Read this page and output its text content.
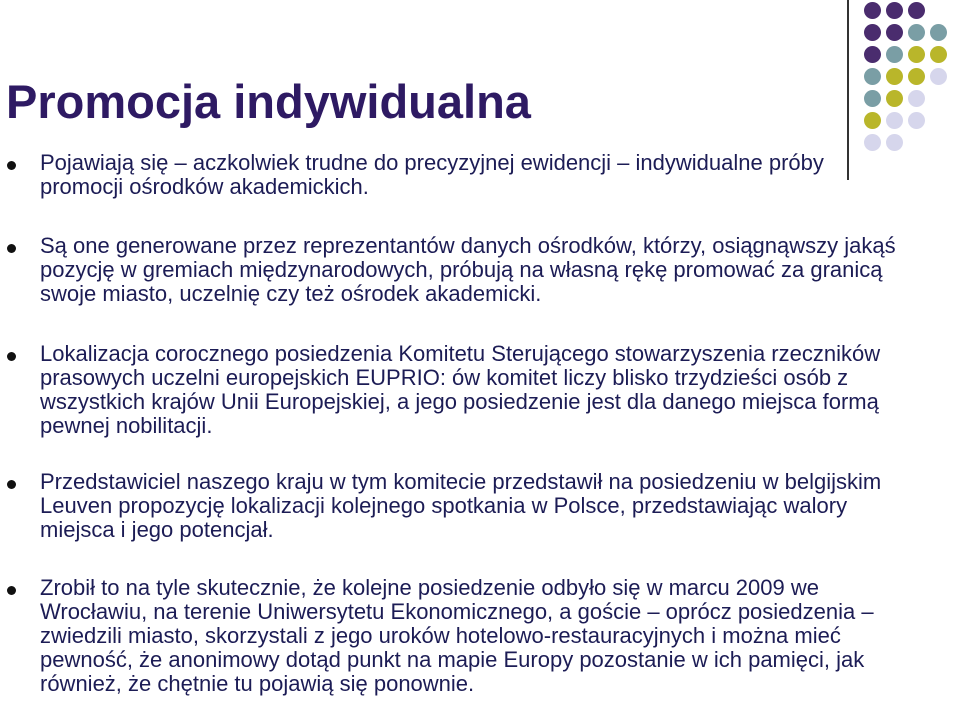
Promocja indywidualna

Pojawiają się – aczkolwiek trudne do precyzyjnej ewidencji – indywidualne próby promocji ośrodków akademickich.

Są one generowane przez reprezentantów danych ośrodków, którzy, osiągnąwszy jakąś pozycję w gremiach międzynarodowych, próbują na własną rękę promować za granicą swoje miasto, uczelnię czy też ośrodek akademicki.

Lokalizacja corocznego posiedzenia Komitetu Sterującego stowarzyszenia rzeczników prasowych uczelni europejskich EUPRIO: ów komitet liczy blisko trzydzieści osób z wszystkich krajów Unii Europejskiej, a jego posiedzenie jest dla danego miejsca formą pewnej nobilitacji.

Przedstawiciel naszego kraju w tym komitecie przedstawił na posiedzeniu w belgijskim Leuven propozycję lokalizacji kolejnego spotkania w Polsce, przedstawiając walory miejsca i jego potencjał.

Zrobił to na tyle skutecznie, że kolejne posiedzenie odbyło się w marcu 2009 we Wrocławiu, na terenie Uniwersytetu Ekonomicznego, a goście – oprócz posiedzenia – zwiedzili miasto, skorzystali z jego uroków hotelowo-restauracyjnych i można mieć pewność, że anonimowy dotąd punkt na mapie Europy pozostanie w ich pamięci, jak również, że chętnie tu pojawią się ponownie.
